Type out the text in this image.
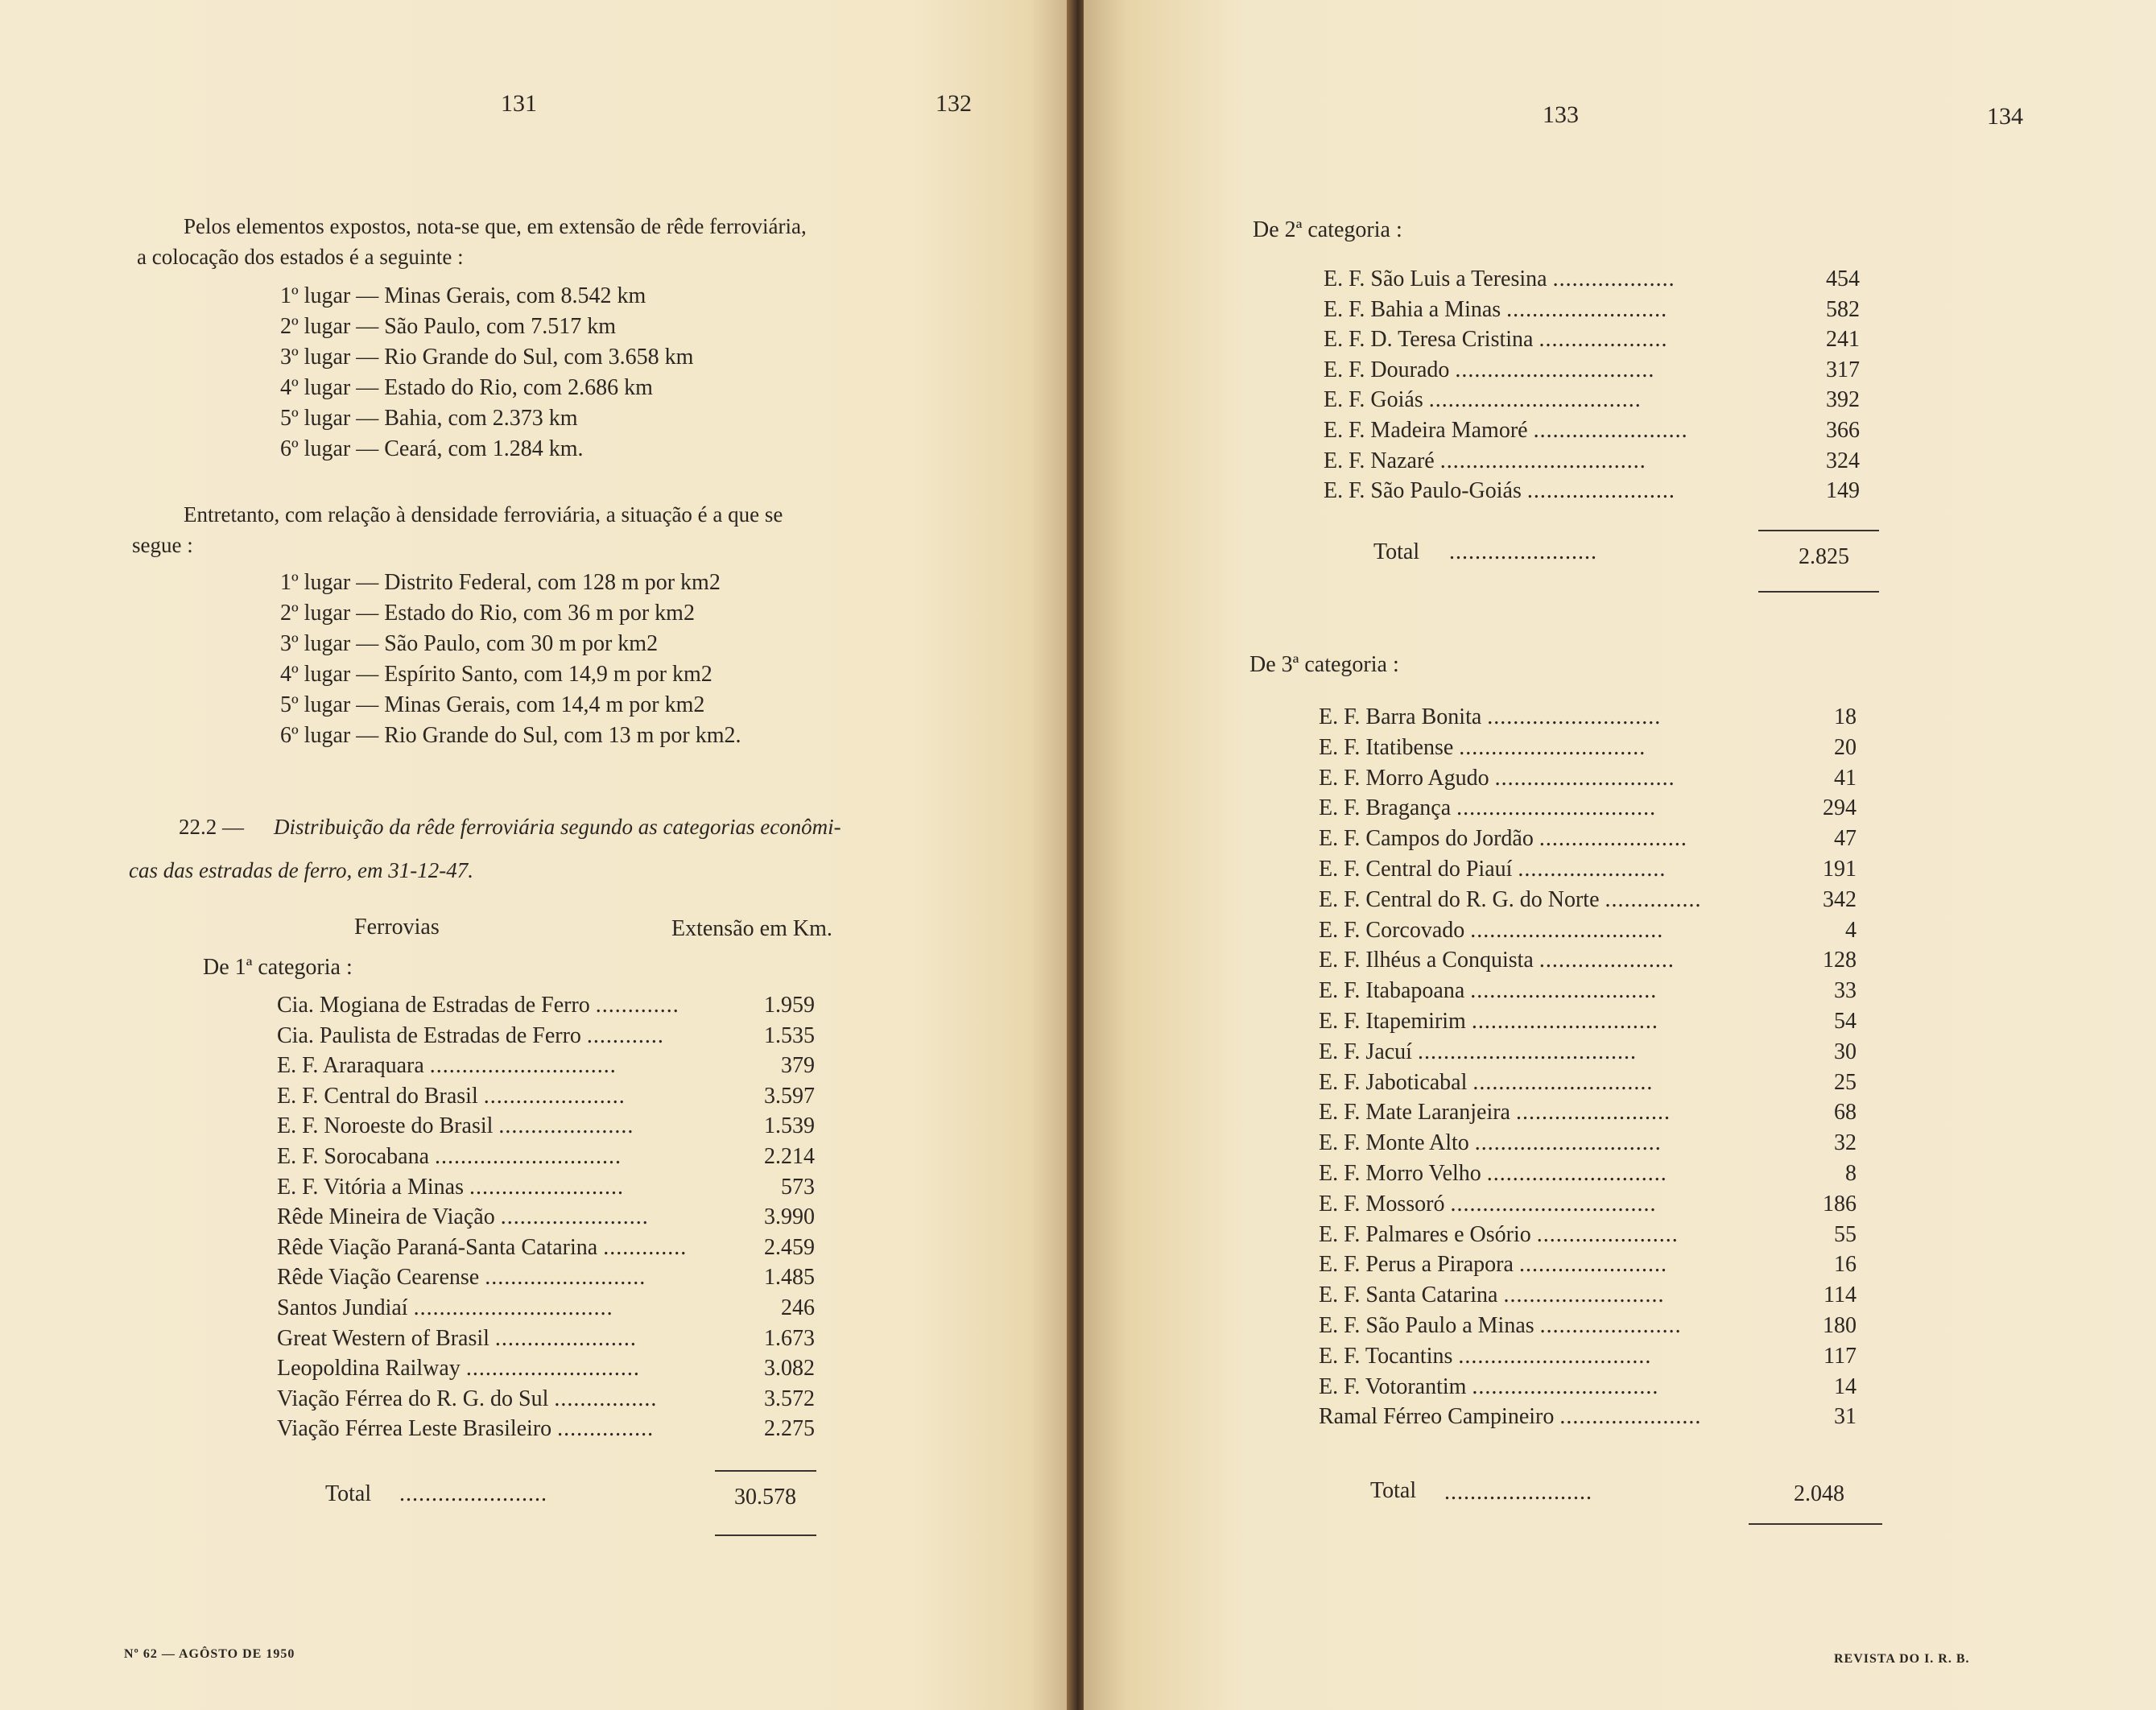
131	132
Pelos elementos expostos, nota-se que, em extensão de rêde ferroviária,
a colocação dos estados é a seguinte :
1º lugar — Minas Gerais, com 8.542 km
2º lugar — São Paulo, com 7.517 km
3º lugar — Rio Grande do Sul, com 3.658 km
4º lugar — Estado do Rio, com 2.686 km
5º lugar — Bahia, com 2.373 km
6º lugar — Ceará, com 1.284 km.
Entretanto, com relação à densidade ferroviária, a situação é a que se
segue :
1º lugar — Distrito Federal, com 128 m por km2
2º lugar — Estado do Rio, com 36 m por km2
3º lugar — São Paulo, com 30 m por km2
4º lugar — Espírito Santo, com 14,9 m por km2
5º lugar — Minas Gerais, com 14,4 m por km2
6º lugar — Rio Grande do Sul, com 13 m por km2.
22.2 — Distribuição da rêde ferroviária segundo as categorias econômi-
cas das estradas de ferro, em 31-12-47.
Ferrovias	Extensão em Km.
De 1ª categoria :
Cia. Mogiana de Estradas de Ferro .............	1.959
Cia. Paulista de Estradas de Ferro ............	1.535
E. F. Araraquara .............................	379
E. F. Central do Brasil ......................	3.597
E. F. Noroeste do Brasil .....................	1.539
E. F. Sorocabana .............................	2.214
E. F. Vitória a Minas ........................	573
Rêde Mineira de Viação .......................	3.990
Rêde Viação Paraná-Santa Catarina .............	2.459
Rêde Viação Cearense .........................	1.485
Santos Jundiaí ...............................	246
Great Western of Brasil ......................	1.673
Leopoldina Railway ...........................	3.082
Viação Férrea do R. G. do Sul ................	3.572
Viação Férrea Leste Brasileiro ...............	2.275
Total .......................	30.578
Nº 62 — AGÔSTO DE 1950
133	134
De 2ª categoria :
E. F. São Luis a Teresina ...................	454
E. F. Bahia a Minas .........................	582
E. F. D. Teresa Cristina ....................	241
E. F. Dourado ...............................	317
E. F. Goiás .................................	392
E. F. Madeira Mamoré ........................	366
E. F. Nazaré ................................	324
E. F. São Paulo-Goiás .......................	149
Total .......................	2.825
De 3ª categoria :
E. F. Barra Bonita ...........................	18
E. F. Itatibense .............................	20
E. F. Morro Agudo ............................	41
E. F. Bragança ...............................	294
E. F. Campos do Jordão .......................	47
E. F. Central do Piauí .......................	191
E. F. Central do R. G. do Norte ...............	342
E. F. Corcovado ..............................	4
E. F. Ilhéus a Conquista .....................	128
E. F. Itabapoana .............................	33
E. F. Itapemirim .............................	54
E. F. Jacuí ..................................	30
E. F. Jaboticabal ............................	25
E. F. Mate Laranjeira ........................	68
E. F. Monte Alto .............................	32
E. F. Morro Velho ............................	8
E. F. Mossoró ................................	186
E. F. Palmares e Osório ......................	55
E. F. Perus a Pirapora .......................	16
E. F. Santa Catarina .........................	114
E. F. São Paulo a Minas ......................	180
E. F. Tocantins ..............................	117
E. F. Votorantim .............................	14
Ramal Férreo Campineiro ......................	31
Total .......................	2.048
REVISTA DO I. R. B.
